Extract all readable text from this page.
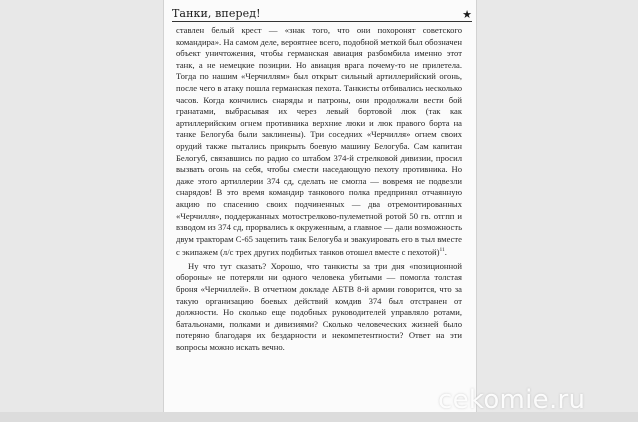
Танки, вперед!	★

ставлен белый крест — «знак того, что они похоронят советского командира». На самом деле, вероятнее всего, подобной меткой был обозначен объект уничтожения, чтобы германская авиация разбомбила именно этот танк, а не немецкие позиции. Но авиация врага почему-то не прилетела. Тогда по нашим «Черчиллям» был открыт сильный артиллерийский огонь, после чего в атаку пошла германская пехота. Танкисты отбивались несколько часов. Когда кончились снаряды и патроны, они продолжали вести бой гранатами, выбрасывая их через левый бортовой люк (так как артиллерийским огнем противника верхние люки и люк правого борта на танке Белогуба были заклинены). Три соседних «Черчилля» огнем своих орудий также пытались прикрыть боевую машину Белогуба. Сам капитан Белогуб, связавшись по радио со штабом 374-й стрелковой дивизии, просил вызвать огонь на себя, чтобы смести наседающую пехоту противника. Но даже этого артиллерии 374 сд, сделать не смогла — вовремя не подвезли снарядов! В это время командир танкового полка предпринял отчаянную акцию по спасению своих подчиненных — два отремонтированных «Черчилля», поддержанных мотострелково-пулеметной ротой 50 гв. отгпп и взводом из 374 сд, прорвались к окруженным, а главное — дали возможность двум тракторам С-65 зацепить танк Белогуба и эвакуировать его в тыл вместе с экипажем (л/с трех других подбитых танков отошел вместе с пехотой)$^{11}$.

Ну что тут сказать? Хорошо, что танкисты за три дня «позиционной обороны» не потеряли ни одного человека убитыми — помогла толстая броня «Черчиллей». В отчетном докладе АБТВ 8-й армии говорится, что за такую организацию боевых действий комдив 374 был отстранен от должности. Но сколько еще подобных руководителей управляло ротами, батальонами, полками и дивизиями? Сколько человеческих жизней было потеряно благодаря их бездарности и некомпетентности? Ответ на эти вопросы можно искать вечно.

cekomie.ru
